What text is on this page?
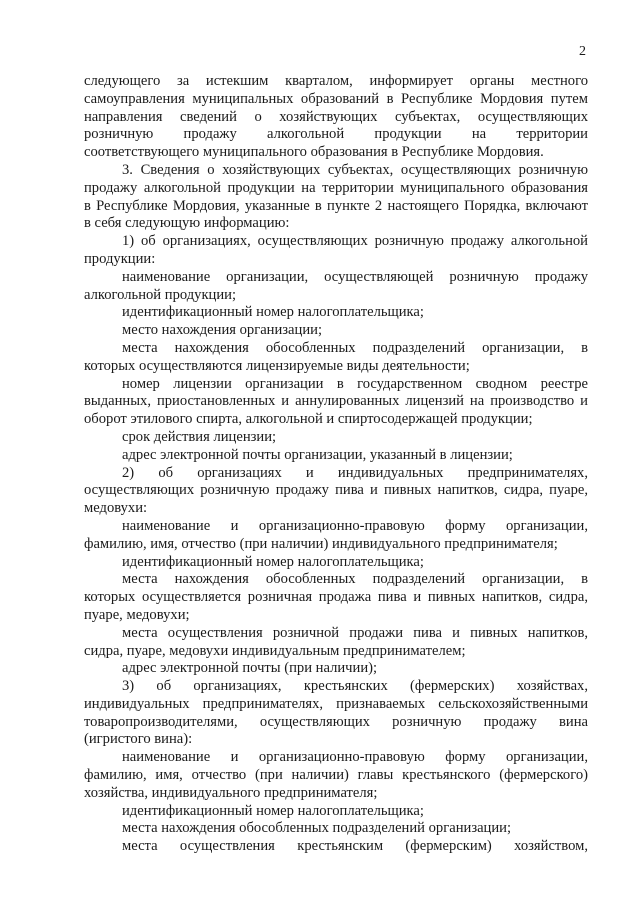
2
следующего за истекшим кварталом, информирует органы местного
самоуправления муниципальных образований в Республике Мордовия путем
направления сведений о хозяйствующих субъектах, осуществляющих
розничную продажу алкогольной продукции на территории
соответствующего муниципального образования в Республике Мордовия.
3. Сведения о хозяйствующих субъектах, осуществляющих розничную
продажу алкогольной продукции на территории муниципального образования
в Республике Мордовия, указанные в пункте 2 настоящего Порядка, включают
в себя следующую информацию:
1) об организациях, осуществляющих розничную продажу алкогольной
продукции:
наименование организации, осуществляющей розничную продажу
алкогольной продукции;
идентификационный номер налогоплательщика;
место нахождения организации;
места нахождения обособленных подразделений организации, в
которых осуществляются лицензируемые виды деятельности;
номер лицензии организации в государственном сводном реестре
выданных, приостановленных и аннулированных лицензий на производство и
оборот этилового спирта, алкогольной и спиртосодержащей продукции;
срок действия лицензии;
адрес электронной почты организации, указанный в лицензии;
2) об организациях и индивидуальных предпринимателях,
осуществляющих розничную продажу пива и пивных напитков, сидра, пуаре,
медовухи:
наименование и организационно-правовую форму организации,
фамилию, имя, отчество (при наличии) индивидуального предпринимателя;
идентификационный номер налогоплательщика;
места нахождения обособленных подразделений организации, в
которых осуществляется розничная продажа пива и пивных напитков, сидра,
пуаре, медовухи;
места осуществления розничной продажи пива и пивных напитков,
сидра, пуаре, медовухи индивидуальным предпринимателем;
адрес электронной почты (при наличии);
3) об организациях, крестьянских (фермерских) хозяйствах,
индивидуальных предпринимателях, признаваемых сельскохозяйственными
товаропроизводителями, осуществляющих розничную продажу вина
(игристого вина):
наименование и организационно-правовую форму организации,
фамилию, имя, отчество (при наличии) главы крестьянского (фермерского)
хозяйства, индивидуального предпринимателя;
идентификационный номер налогоплательщика;
места нахождения обособленных подразделений организации;
места осуществления крестьянским (фермерским) хозяйством,
